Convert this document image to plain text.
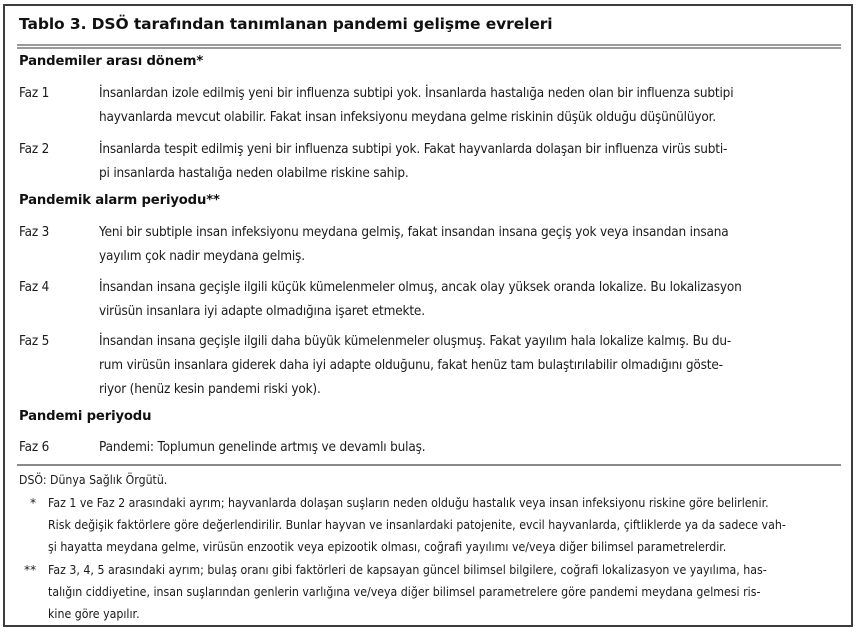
Tablo 3. DSÖ tarafından tanımlanan pandemi gelişme evreleri
Pandemiler arası dönem*
Faz 1	İnsanlardan izole edilmiş yeni bir influenza subtipi yok. İnsanlarda hastalığa neden olan bir influenza subtipi
hayvanlarda mevcut olabilir. Fakat insan infeksiyonu meydana gelme riskinin düşük olduğu düşünülüyor.
Faz 2	İnsanlarda tespit edilmiş yeni bir influenza subtipi yok. Fakat hayvanlarda dolaşan bir influenza virüs subti-
pi insanlarda hastalığa neden olabilme riskine sahip.
Pandemik alarm periyodu**
Faz 3	Yeni bir subtiple insan infeksiyonu meydana gelmiş, fakat insandan insana geçiş yok veya insandan insana
yayılım çok nadir meydana gelmiş.
Faz 4	İnsandan insana geçişle ilgili küçük kümelenmeler olmuş, ancak olay yüksek oranda lokalize. Bu lokalizasyon
virüsün insanlara iyi adapte olmadığına işaret etmekte.
Faz 5	İnsandan insana geçişle ilgili daha büyük kümelenmeler oluşmuş. Fakat yayılım hala lokalize kalmış. Bu du-
rum virüsün insanlara giderek daha iyi adapte olduğunu, fakat henüz tam bulaştırılabilir olmadığını göste-
riyor (henüz kesin pandemi riski yok).
Pandemi periyodu
Faz 6	Pandemi: Toplumun genelinde artmış ve devamlı bulaş.
DSÖ: Dünya Sağlık Örgütü.
* Faz 1 ve Faz 2 arasındaki ayrım; hayvanlarda dolaşan suşların neden olduğu hastalık veya insan infeksiyonu riskine göre belirlenir.
Risk değişik faktörlere göre değerlendirilir. Bunlar hayvan ve insanlardaki patojenite, evcil hayvanlarda, çiftliklerde ya da sadece vah-
şi hayatta meydana gelme, virüsün enzootik veya epizootik olması, coğrafi yayılımı ve/veya diğer bilimsel parametrelerdir.
** Faz 3, 4, 5 arasındaki ayrım; bulaş oranı gibi faktörleri de kapsayan güncel bilimsel bilgilere, coğrafi lokalizasyon ve yayılıma, has-
talığın ciddiyetine, insan suşlarından genlerin varlığına ve/veya diğer bilimsel parametrelere göre pandemi meydana gelmesi ris-
kine göre yapılır.
